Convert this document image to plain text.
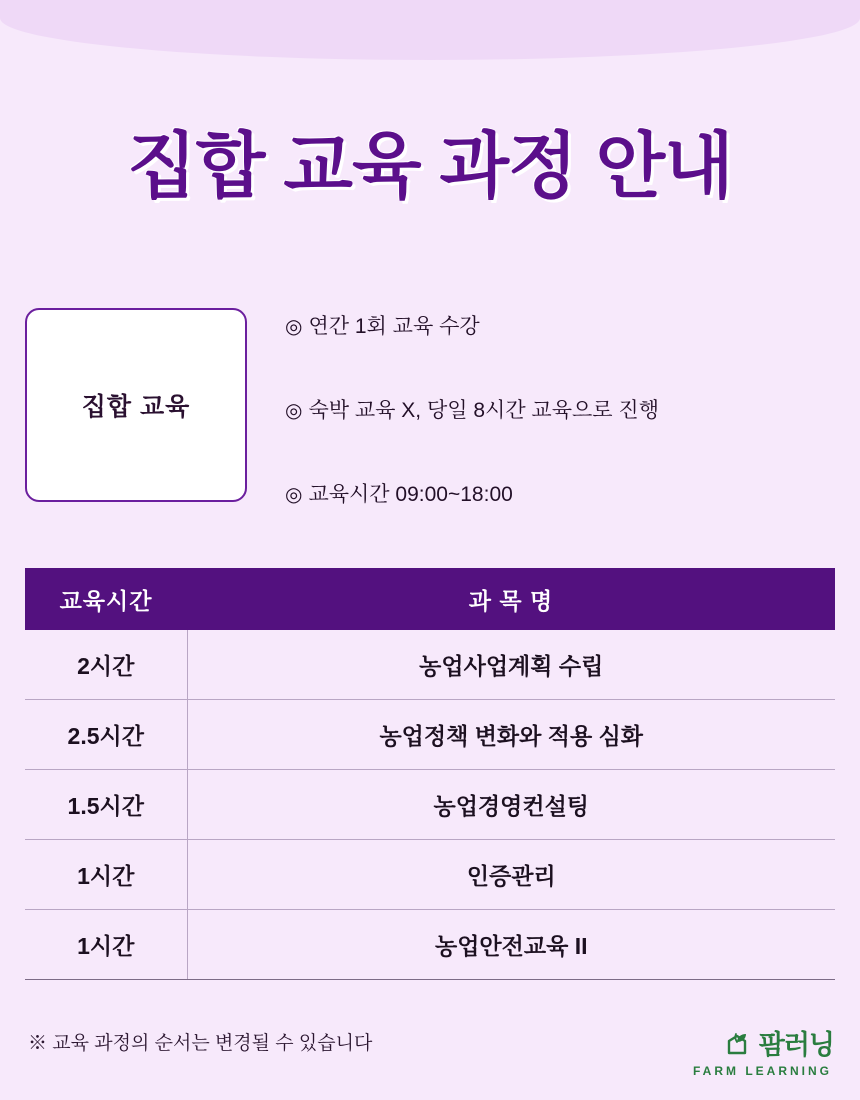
집합 교육 과정 안내
집합 교육
◎ 연간 1회 교육 수강
◎ 숙박 교육 X, 당일 8시간 교육으로 진행
◎ 교육시간 09:00~18:00
교육시간	과 목 명
2시간	농업사업계획 수립
2.5시간	농업정책 변화와 적용 심화
1.5시간	농업경영컨설팅
1시간	인증관리
1시간	농업안전교육 II
※ 교육 과정의 순서는 변경될 수 있습니다	팜러닝
FARM LEARNING
